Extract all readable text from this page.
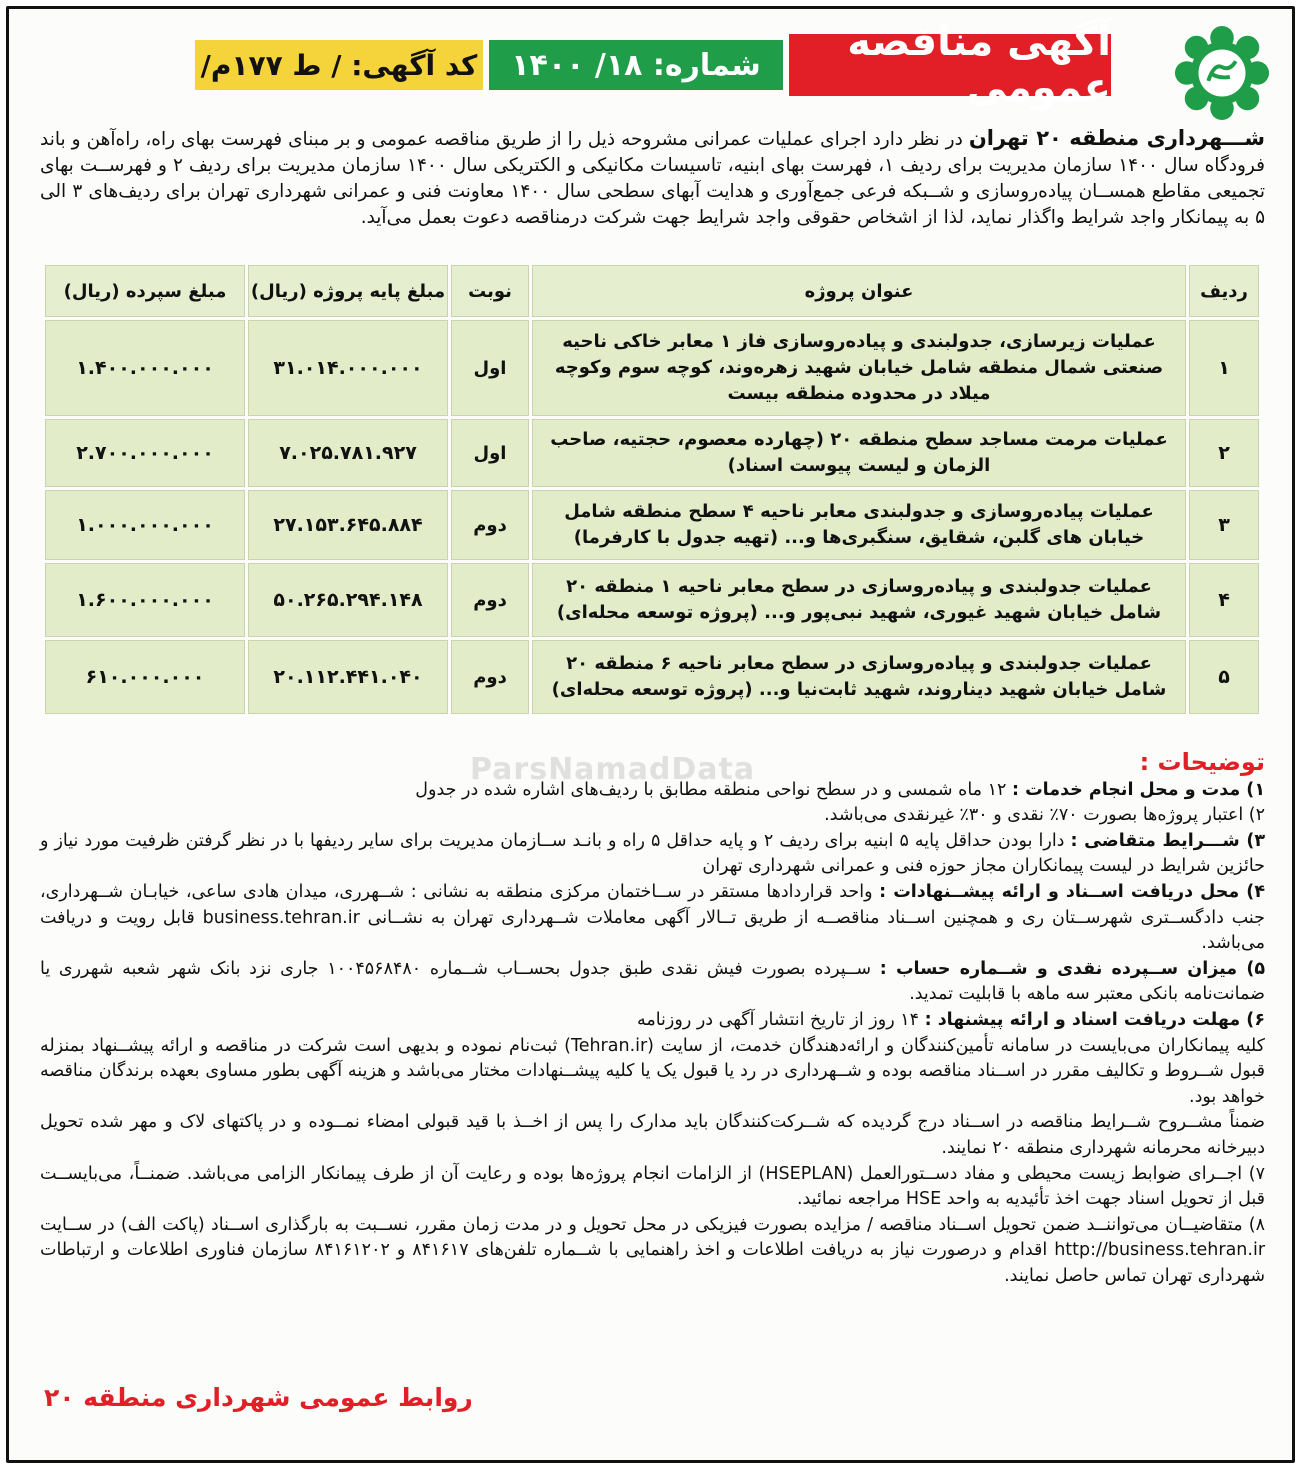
آگهی مناقصه عمومی
شماره: ۱۸/ ۱۴۰۰
کد آگهی: / ط ۱۷۷م/
شـــهرداری منطقه ۲۰ تهران در نظر دارد اجرای عملیات عمرانی مشروحه ذیل را از طریق مناقصه عمومی و بر مبنای فهرست بهای راه، راه‌آهن و باند فرودگاه سال ۱۴۰۰ سازمان مدیریت برای ردیف ۱، فهرست بهای ابنیه، تاسیسات مکانیکی و الکتریکی سال ۱۴۰۰ سازمان مدیریت برای ردیف ۲ و فهرســت بهای تجمیعی مقاطع همســان پیاده‌روسازی و شــبکه فرعی جمع‌آوری و هدایت آبهای سطحی سال ۱۴۰۰ معاونت فنی و عمرانی شهرداری تهران برای ردیف‌های ۳ الی ۵ به پیمانکار واجد شرایط واگذار نماید، لذا از اشخاص حقوقی واجد شرایط جهت شرکت درمناقصه دعوت بعمل می‌آید.
ردیف	عنوان پروژه	نوبت	مبلغ پایه پروژه (ریال)	مبلغ سپرده (ریال)
۱	عملیات زیرسازی، جدولبندی و پیاده‌روسازی فاز ۱ معابر خاکی ناحیه صنعتی شمال منطقه شامل خیابان شهید زهره‌وند، کوچه سوم وکوچه میلاد در محدوده منطقه بیست	اول	۳۱.۰۱۴.۰۰۰.۰۰۰	۱.۴۰۰.۰۰۰.۰۰۰
۲	عملیات مرمت مساجد سطح منطقه ۲۰ (چهارده معصوم، حجتیه، صاحب الزمان و لیست پیوست اسناد)	اول	۷.۰۲۵.۷۸۱.۹۲۷	۲.۷۰۰.۰۰۰.۰۰۰
۳	عملیات پیاده‌روسازی و جدولبندی معابر ناحیه ۴ سطح منطقه شامل خیابان های گلبن، شقایق، سنگبری‌ها و... (تهیه جدول با کارفرما)	دوم	۲۷.۱۵۳.۶۴۵.۸۸۴	۱.۰۰۰.۰۰۰.۰۰۰
۴	عملیات جدولبندی و پیاده‌روسازی در سطح معابر ناحیه ۱ منطقه ۲۰ شامل خیابان شهید غیوری، شهید نبی‌پور و... (پروژه توسعه محله‌ای)	دوم	۵۰.۲۶۵.۲۹۴.۱۴۸	۱.۶۰۰.۰۰۰.۰۰۰
۵	عملیات جدولبندی و پیاده‌روسازی در سطح معابر ناحیه ۶ منطقه ۲۰ شامل خیابان شهید دیناروند، شهید ثابت‌نیا و... (پروژه توسعه محله‌ای)	دوم	۲۰.۱۱۲.۴۴۱.۰۴۰	۶۱۰.۰۰۰.۰۰۰
ParsNamadData	توضیحات :

۱) مدت و محل انجام خدمات : ۱۲ ماه شمسی و در سطح نواحی منطقه مطابق با ردیف‌های اشاره شده در جدول

۲) اعتبار پروژه‌ها بصورت ۷۰٪ نقدی و ۳۰٪ غیرنقدی می‌باشد.

۳) شـــرایط متقاضی : دارا بودن حداقل پایه ۵ ابنیه برای ردیف ۲ و پایه حداقل ۵ راه و بانـد ســازمان مدیریت برای سایر ردیفها با در نظر گرفتن ظرفیت مورد نیاز و حائزین شرایط در لیست پیمانکاران مجاز حوزه فنی و عمرانی شهرداری تهران

۴) محل دریافت اســناد و ارائه پیشــنهادات : واحد قراردادها مستقر در ســاختمان مرکزی منطقه به نشانی : شــهرری، میدان هادی ساعی، خیابـان شــهرداری، جنب دادگســتری شهرســتان ری و همچنین اســناد مناقصــه از طریق تــالار آگهی معاملات شــهرداری تهران به نشــانی business.tehran.ir قابل رویت و دریافت می‌باشد.

۵) میزان ســپرده نقدی و شــماره حساب : ســپرده بصورت فیش نقدی طبق جدول بحســاب شــماره ۱۰۰۴۵۶۸۴۸۰ جاری نزد بانک شهر شعبه شهرری یا ضمانت‌نامه بانکی معتبر سه ماهه با قابلیت تمدید.

۶) مهلت دریافت اسناد و ارائه پیشنهاد : ۱۴ روز از تاریخ انتشار آگهی در روزنامه

کلیه پیمانکاران می‌بایست در سامانه تأمین‌کنندگان و ارائه‌دهندگان خدمت، از سایت (Tehran.ir) ثبت‌نام نموده و بدیهی است شرکت در مناقصه و ارائه پیشــنهاد بمنزله قبول شــروط و تکالیف مقرر در اســناد مناقصه بوده و شــهرداری در رد یا قبول یک یا کلیه پیشــنهادات مختار می‌باشد و هزینه آگهی بطور مساوی بعهده برندگان مناقصه خواهد بود.

ضمناً مشــروح شــرایط مناقصه در اســناد درج گردیده که شــرکت‌کنندگان باید مدارک را پس از اخــذ با قید قبولی امضاء نمــوده و در پاکتهای لاک و مهر شده تحویل دبیرخانه محرمانه شهرداری منطقه ۲۰ نمایند.

۷) اجــرای ضوابط زیست محیطی و مفاد دســتورالعمل (HSEPLAN) از الزامات انجام پروژه‌ها بوده و رعایت آن از طرف پیمانکار الزامی می‌باشد. ضمنــاً، می‌بایســت قبل از تحویل اسناد جهت اخذ تأئیدیه به واحد HSE مراجعه نمائید.

۸) متقاضیــان می‌تواننــد ضمن تحویل اســناد مناقصه / مزایده بصورت فیزیکی در محل تحویل و در مدت زمان مقرر، نســبت به بارگذاری اســناد (پاکت الف) در ســایت http://business.tehran.ir اقدام و درصورت نیاز به دریافت اطلاعات و اخذ راهنمایی با شــماره تلفن‌های ۸۴۱۶۱۷ و ۸۴۱۶۱۲۰۲ سازمان فناوری اطلاعات و ارتباطات شهرداری تهران تماس حاصل نمایند.

روابط عمومی شهرداری منطقه ۲۰
